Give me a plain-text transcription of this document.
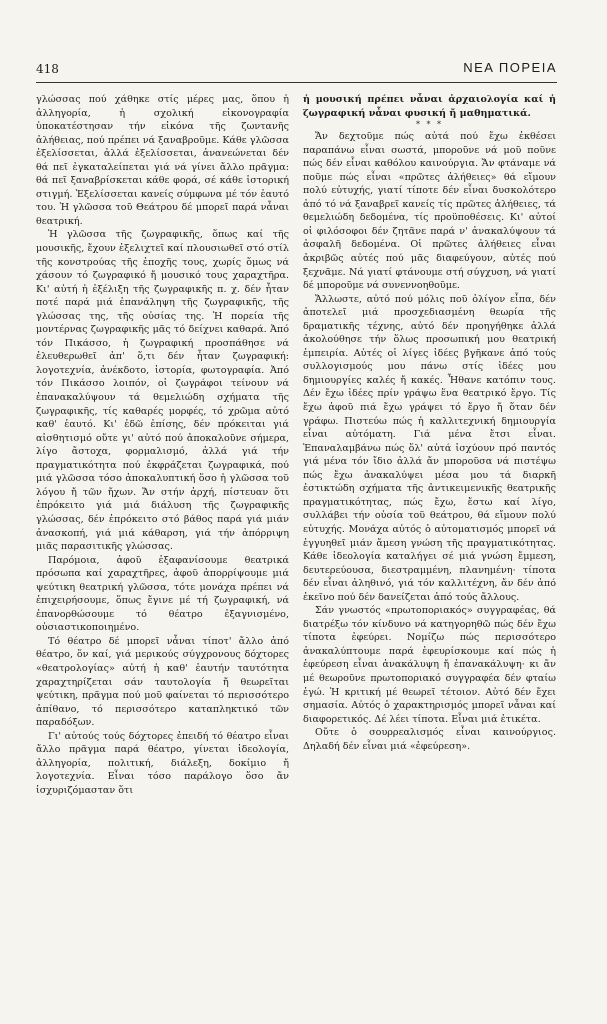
418	ΝΕΑ ΠΟΡΕΙΑ

γλώσσας πού χάθηκε στίς μέρες μας, ὅπου ἡ ἀλληγορία, ἡ σχολική εἰκονογραφία ὑποκατέστησαν τήν εἰκόνα τῆς ζωντανῆς ἀλήθειας, πού πρέπει νά ξαναβροῦμε. Κάθε γλῶσσα ἐξελίσσεται, ἀλλά ἐξελίσσεται, ἀνανεώνεται δέν θά πεῖ ἐγκαταλείπεται γιά νά γίνει ἄλλο πρᾶγμα: θά πεῖ ξαναβρίσκεται κάθε φορά, σέ κάθε ἱστορική στιγμή. Ἐξελίσσεται κανείς σύμφωνα μέ τόν ἑαυτό του. Ἡ γλῶσσα τοῦ Θεάτρου δέ μπορεῖ παρά νἆναι θεατρική.

Ἡ γλῶσσα τῆς ζωγραφικῆς, ὅπως καί τῆς μουσικῆς, ἔχουν ἐξελιχτεῖ καί πλουσιωθεῖ στό στίλ τῆς κονστρούας τῆς ἐποχῆς τους, χωρίς ὅμως νά χάσουν τό ζωγραφικό ἤ μουσικό τους χαραχτῆρα. Κι' αὐτή ἡ ἐξέλιξη τῆς ζωγραφικῆς π. χ. δέν ἦταν ποτέ παρά μιά ἐπανάληψη τῆς ζωγραφικῆς, τῆς γλώσσας της, τῆς οὐσίας της. Ἡ πορεία τῆς μοντέρνας ζωγραφικῆς μᾶς τό δείχνει καθαρά. Ἀπό τόν Πικάσσο, ἡ ζωγραφική προσπάθησε νά ἐλευθερωθεῖ ἀπ' ὅ,τι δέν ἦταν ζωγραφική: λογοτεχνία, ἀνέκδοτο, ἱστορία, φωτογραφία. Ἀπό τόν Πικάσσο λοιπόν, οἱ ζωγράφοι τείνουν νά ἐπανακαλύψουν τά θεμελιώδη σχήματα τῆς ζωγραφικῆς, τίς καθαρές μορφές, τό χρῶμα αὐτό καθ' ἑαυτό. Κι' ἐδῶ ἐπίσης, δέν πρόκειται γιά αἰσθητισμό οὔτε γι' αὐτό πού ἀποκαλοῦνε σήμερα, λίγο ἄστοχα, φορμαλισμό, ἀλλά γιά τήν πραγματικότητα πού ἐκφράζεται ζωγραφικά, πού μιά γλῶσσα τόσο ἀποκαλυπτική ὅσο ἡ γλῶσσα τοῦ λόγου ἤ τῶν ἤχων. Ἄν στήν ἀρχή, πίστευαν ὅτι ἐπρόκειτο γιά μιά διάλυση τῆς ζωγραφικῆς γλώσσας, δέν ἐπρόκειτο στό βάθος παρά γιά μιάν ἀνασκοπή, γιά μιά κάθαρση, γιά τήν ἀπόρριψη μιᾶς παρασιτικῆς γλώσσας.

Παρόμοια, ἀφοῦ ἐξαφανίσουμε θεατρικά πρόσωπα καί χαραχτῆρες, ἀφοῦ ἀπορρίψουμε μιά ψεύτικη θεατρική γλῶσσα, τότε μονάχα πρέπει νά ἐπιχειρήσουμε, ὅπως ἔγινε μέ τή ζωγραφική, νά ἐπανορθώσουμε τό θέατρο ἐξαγνισμένο, οὐσιαστικοποιημένο.

Τό θέατρο δέ μπορεῖ νἆναι τίποτ' ἄλλο ἀπό θέατρο, ὅν καί, γιά μερικούς σύγχρονους δόχτορες «θεατρολογίας» αὐτή ἡ καθ' ἑαυτήν ταυτότητα χαραχτηρίζεται σάν ταυτολογία ἤ θεωρεῖται ψεύτικη, πρᾶγμα πού μοῦ φαίνεται τό περισσότερο ἀπίθανο, τό περισσότερο καταπληκτικό τῶν παραδόξων.

Γι' αὐτούς τούς δόχτορες ἐπειδή τό θέατρο εἶναι ἄλλο πρᾶγμα παρά θέατρο, γίνεται ἰδεολογία, ἀλληγορία, πολιτική, διάλεξη, δοκίμιο ἤ λογοτεχνία. Εἶναι τόσο παράλογο ὅσο ἄν ἰσχυριζόμασταν ὅτι

ἡ μουσική πρέπει νἆναι ἀρχαιολογία καί ἡ ζωγραφική νἆναι φυσική ἤ μαθηματικά.

* * *

Ἄν δεχτοῦμε πώς αὐτά πού ἔχω ἐκθέσει παραπάνω εἶναι σωστά, μποροῦνε νά μοῦ ποῦνε πώς δέν εἶναι καθόλου καινούργια. Ἄν φτάναμε νά ποῦμε πώς εἶναι «πρῶτες ἀλήθειες» θά εἴμουν πολύ εὐτυχής, γιατί τίποτε δέν εἶναι δυσκολότερο ἀπό τό νά ξαναβρεῖ κανείς τίς πρῶτες ἀλήθειες, τά θεμελιώδη δεδομένα, τίς προϋποθέσεις. Κι' αὐτοί οἱ φιλόσοφοι δέν ζητᾶνε παρά ν' ἀνακαλύψουν τά ἀσφαλῆ δεδομένα. Οἱ πρῶτες ἀλήθειες εἶναι ἀκριβῶς αὐτές πού μᾶς διαφεύγουν, αὐτές πού ξεχνᾶμε. Νά γιατί φτάνουμε στή σύγχυση, νά γιατί δέ μποροῦμε νά συνεννοηθοῦμε.

Ἄλλωστε, αὐτό πού μόλις ποῦ ὀλίγον εἶπα, δέν ἀποτελεῖ μιά προσχεδιασμένη θεωρία τῆς δραματικῆς τέχνης, αὐτό δέν προηγήθηκε ἀλλά ἀκολούθησε τήν ὅλως προσωπική μου θεατρική ἐμπειρία. Αὐτές οἱ λίγες ἰδέες βγῆκανε ἀπό τούς συλλογισμούς μου πάνω στίς ἰδέες μου δημιουργίες καλές ἤ κακές. Ἦθανε κατόπιν τους. Δέν ἔχω ἰδέες πρίν γράψω ἕνα θεατρικό ἔργο. Τίς ἔχω ἀφοῦ πιά ἔχω γράψει τό ἔργο ἤ ὅταν δέν γράφω. Πιστεύω πώς ἡ καλλιτεχνική δημιουργία εἶναι αὐτόματη. Γιά μένα ἔτσι εἶναι. Ἐπαναλαμβάνω πώς ὅλ' αὐτά ἰσχύουν πρό παντός γιά μένα τόν ἴδιο ἀλλά ἄν μποροῦσα νά πιστέψω πώς ἔχω ἀνακαλύψει μέσα μου τά διαρκῆ ἐστικτώδη σχήματα τῆς ἀντικειμενικῆς θεατρικῆς πραγματικότητας, πώς ἔχω, ἔστω καί λίγο, συλλάβει τήν οὐσία τοῦ θεάτρου, θά εἴμουν πολύ εὐτυχής. Μονάχα αὐτός ὁ αὐτοματισμός μπορεῖ νά ἐγγυηθεῖ μιάν ἄμεση γνώση τῆς πραγματικότητας. Κάθε ἰδεολογία καταλήγει σέ μιά γνώση ἔμμεση, δευτερεύουσα, διεστραμμένη, πλανημένη· τίποτα δέν εἶναι ἀληθινό, γιά τόν καλλιτέχνη, ἄν δέν ἀπό ἐκεῖνο πού δέν δανείζεται ἀπό τούς ἄλλους.

Σάν γνωστός «πρωτοποριακός» συγγραφέας, θά διατρέξω τόν κίνδυνο νά κατηγορηθῶ πώς δέν ἔχω τίποτα ἐφεύρει. Νομίζω πώς περισσότερο ἀνακαλύπτουμε παρά ἐφευρίσκουμε καί πώς ἡ ἐφεύρεση εἶναι ἀνακάλυψη ἤ ἐπανακάλυψη· κι ἄν μέ θεωροῦνε πρωτοποριακό συγγραφέα δέν φταίω ἐγώ. Ἡ κριτική μέ θεωρεῖ τέτοιον. Αὐτό δέν ἔχει σημασία. Αὐτός ὁ χαρακτηρισμός μπορεῖ νἆναι καί διαφορετικός. Δέ λέει τίποτα. Εἶναι μιά ἐτικέτα.

Οὔτε ὁ σουρρεαλισμός εἶναι καινούργιος. Δηλαδή δέν εἶναι μιά «ἐφεύρεση».
